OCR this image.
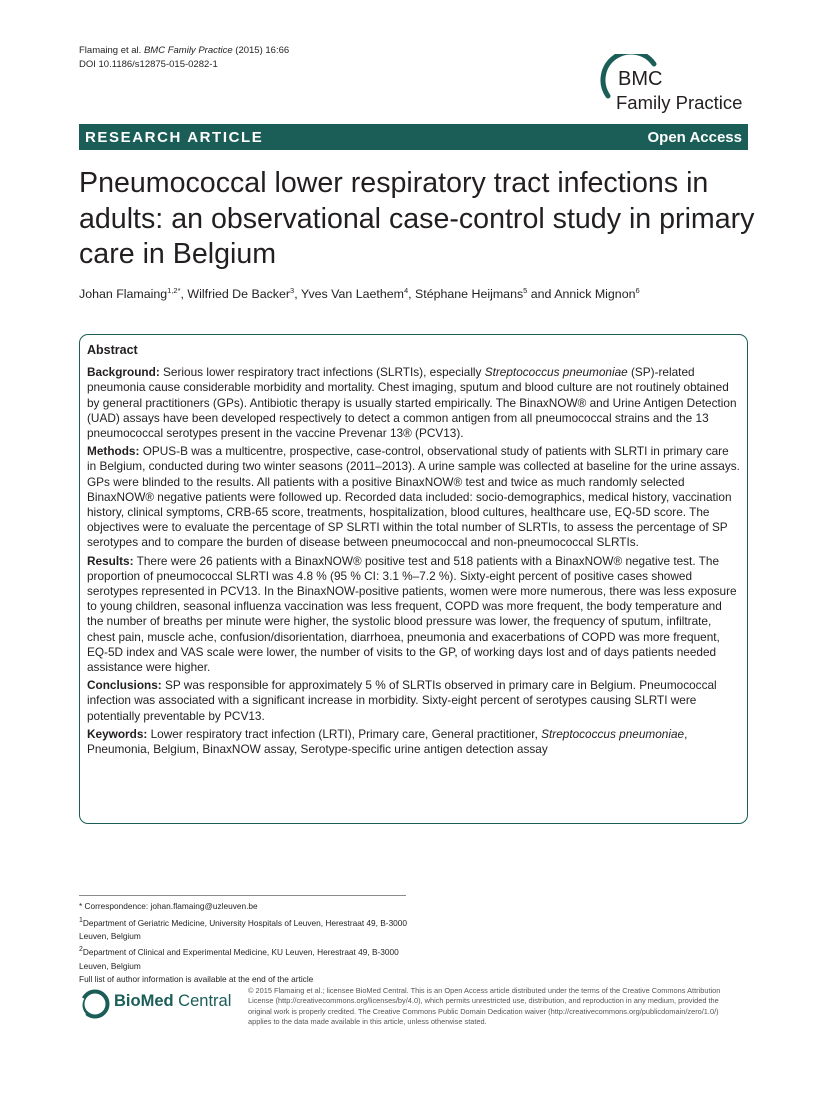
Flamaing et al. BMC Family Practice (2015) 16:66
DOI 10.1186/s12875-015-0282-1
BMC
Family Practice
RESEARCH ARTICLE	Open Access
Pneumococcal lower respiratory tract infections in adults: an observational case-control study in primary care in Belgium
Johan Flamaing$^{1,2*}$, Wilfried De Backer$^3$, Yves Van Laethem$^4$, Stéphane Heijmans$^5$ and Annick Mignon$^6$
Abstract

Background: Serious lower respiratory tract infections (SLRTIs), especially Streptococcus pneumoniae (SP)-related pneumonia cause considerable morbidity and mortality. Chest imaging, sputum and blood culture are not routinely obtained by general practitioners (GPs). Antibiotic therapy is usually started empirically. The BinaxNOW® and Urine Antigen Detection (UAD) assays have been developed respectively to detect a common antigen from all pneumococcal strains and the 13 pneumococcal serotypes present in the vaccine Prevenar 13® (PCV13).

Methods: OPUS-B was a multicentre, prospective, case-control, observational study of patients with SLRTI in primary care in Belgium, conducted during two winter seasons (2011–2013). A urine sample was collected at baseline for the urine assays. GPs were blinded to the results. All patients with a positive BinaxNOW® test and twice as much randomly selected BinaxNOW® negative patients were followed up. Recorded data included: socio-demographics, medical history, vaccination history, clinical symptoms, CRB-65 score, treatments, hospitalization, blood cultures, healthcare use, EQ-5D score. The objectives were to evaluate the percentage of SP SLRTI within the total number of SLRTIs, to assess the percentage of SP serotypes and to compare the burden of disease between pneumococcal and non-pneumococcal SLRTIs.

Results: There were 26 patients with a BinaxNOW® positive test and 518 patients with a BinaxNOW® negative test. The proportion of pneumococcal SLRTI was 4.8 % (95 % CI: 3.1 %–7.2 %). Sixty-eight percent of positive cases showed serotypes represented in PCV13. In the BinaxNOW-positive patients, women were more numerous, there was less exposure to young children, seasonal influenza vaccination was less frequent, COPD was more frequent, the body temperature and the number of breaths per minute were higher, the systolic blood pressure was lower, the frequency of sputum, infiltrate, chest pain, muscle ache, confusion/disorientation, diarrhoea, pneumonia and exacerbations of COPD was more frequent, EQ-5D index and VAS scale were lower, the number of visits to the GP, of working days lost and of days patients needed assistance were higher.

Conclusions: SP was responsible for approximately 5 % of SLRTIs observed in primary care in Belgium. Pneumococcal infection was associated with a significant increase in morbidity. Sixty-eight percent of serotypes causing SLRTI were potentially preventable by PCV13.

Keywords: Lower respiratory tract infection (LRTI), Primary care, General practitioner, Streptococcus pneumoniae, Pneumonia, Belgium, BinaxNOW assay, Serotype-specific urine antigen detection assay

* Correspondence: johan.flamaing@uzleuven.be

$^1$Department of Geriatric Medicine, University Hospitals of Leuven, Herestraat 49, B-3000 Leuven, Belgium

$^2$Department of Clinical and Experimental Medicine, KU Leuven, Herestraat 49, B-3000 Leuven, Belgium

Full list of author information is available at the end of the article

BioMed Central

© 2015 Flamaing et al.; licensee BioMed Central. This is an Open Access article distributed under the terms of the Creative Commons Attribution License (http://creativecommons.org/licenses/by/4.0), which permits unrestricted use, distribution, and reproduction in any medium, provided the original work is properly credited. The Creative Commons Public Domain Dedication waiver (http://creativecommons.org/publicdomain/zero/1.0/) applies to the data made available in this article, unless otherwise stated.
